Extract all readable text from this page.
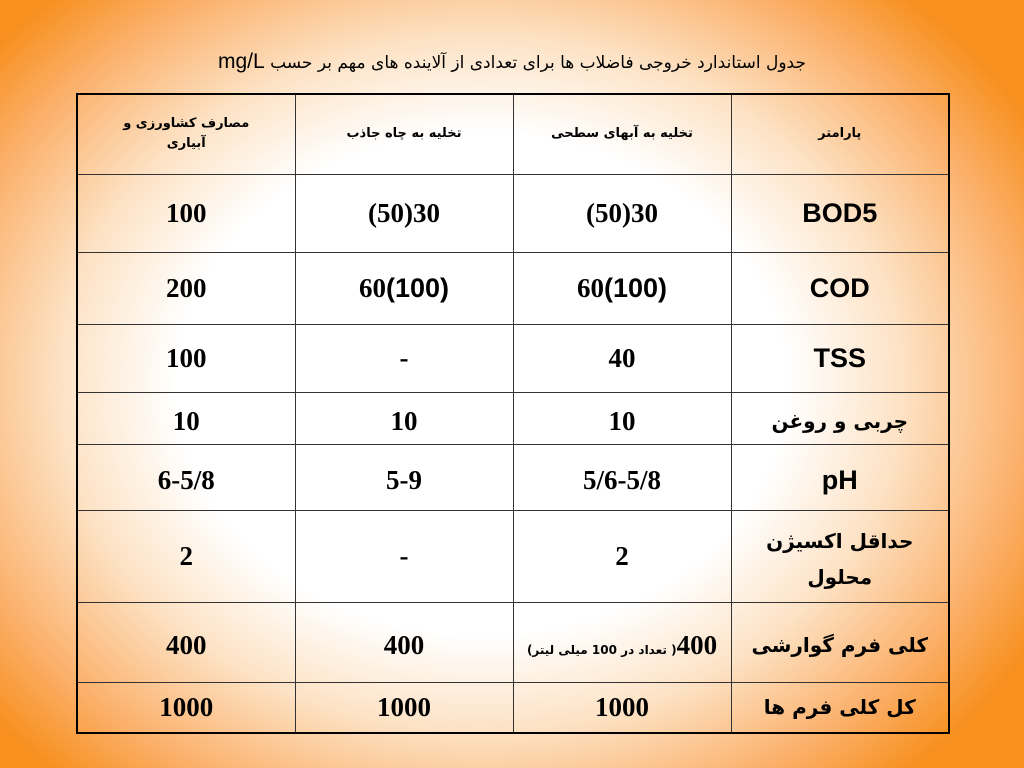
جدول استاندارد خروجی فاضلاب ها برای تعدادی از آلاینده های مهم بر حسب mg/L
پارامتر	تخلیه به آبهای سطحی	تخلیه به چاه جاذب	مصارف کشاورزی و آبیاری
BOD5	30(50)	30(50)	100
COD	60(100)	60(100)	200
TSS	40	-	100
چربی و روغن	10	10	10
pH	5/6-5/8	5-9	6-5/8
حداقل اکسیژن محلول	2	-	2
کلی فرم گوارشی	400( تعداد در 100 میلی لیتر)	400	400
کل کلی فرم ها	1000	1000	1000
